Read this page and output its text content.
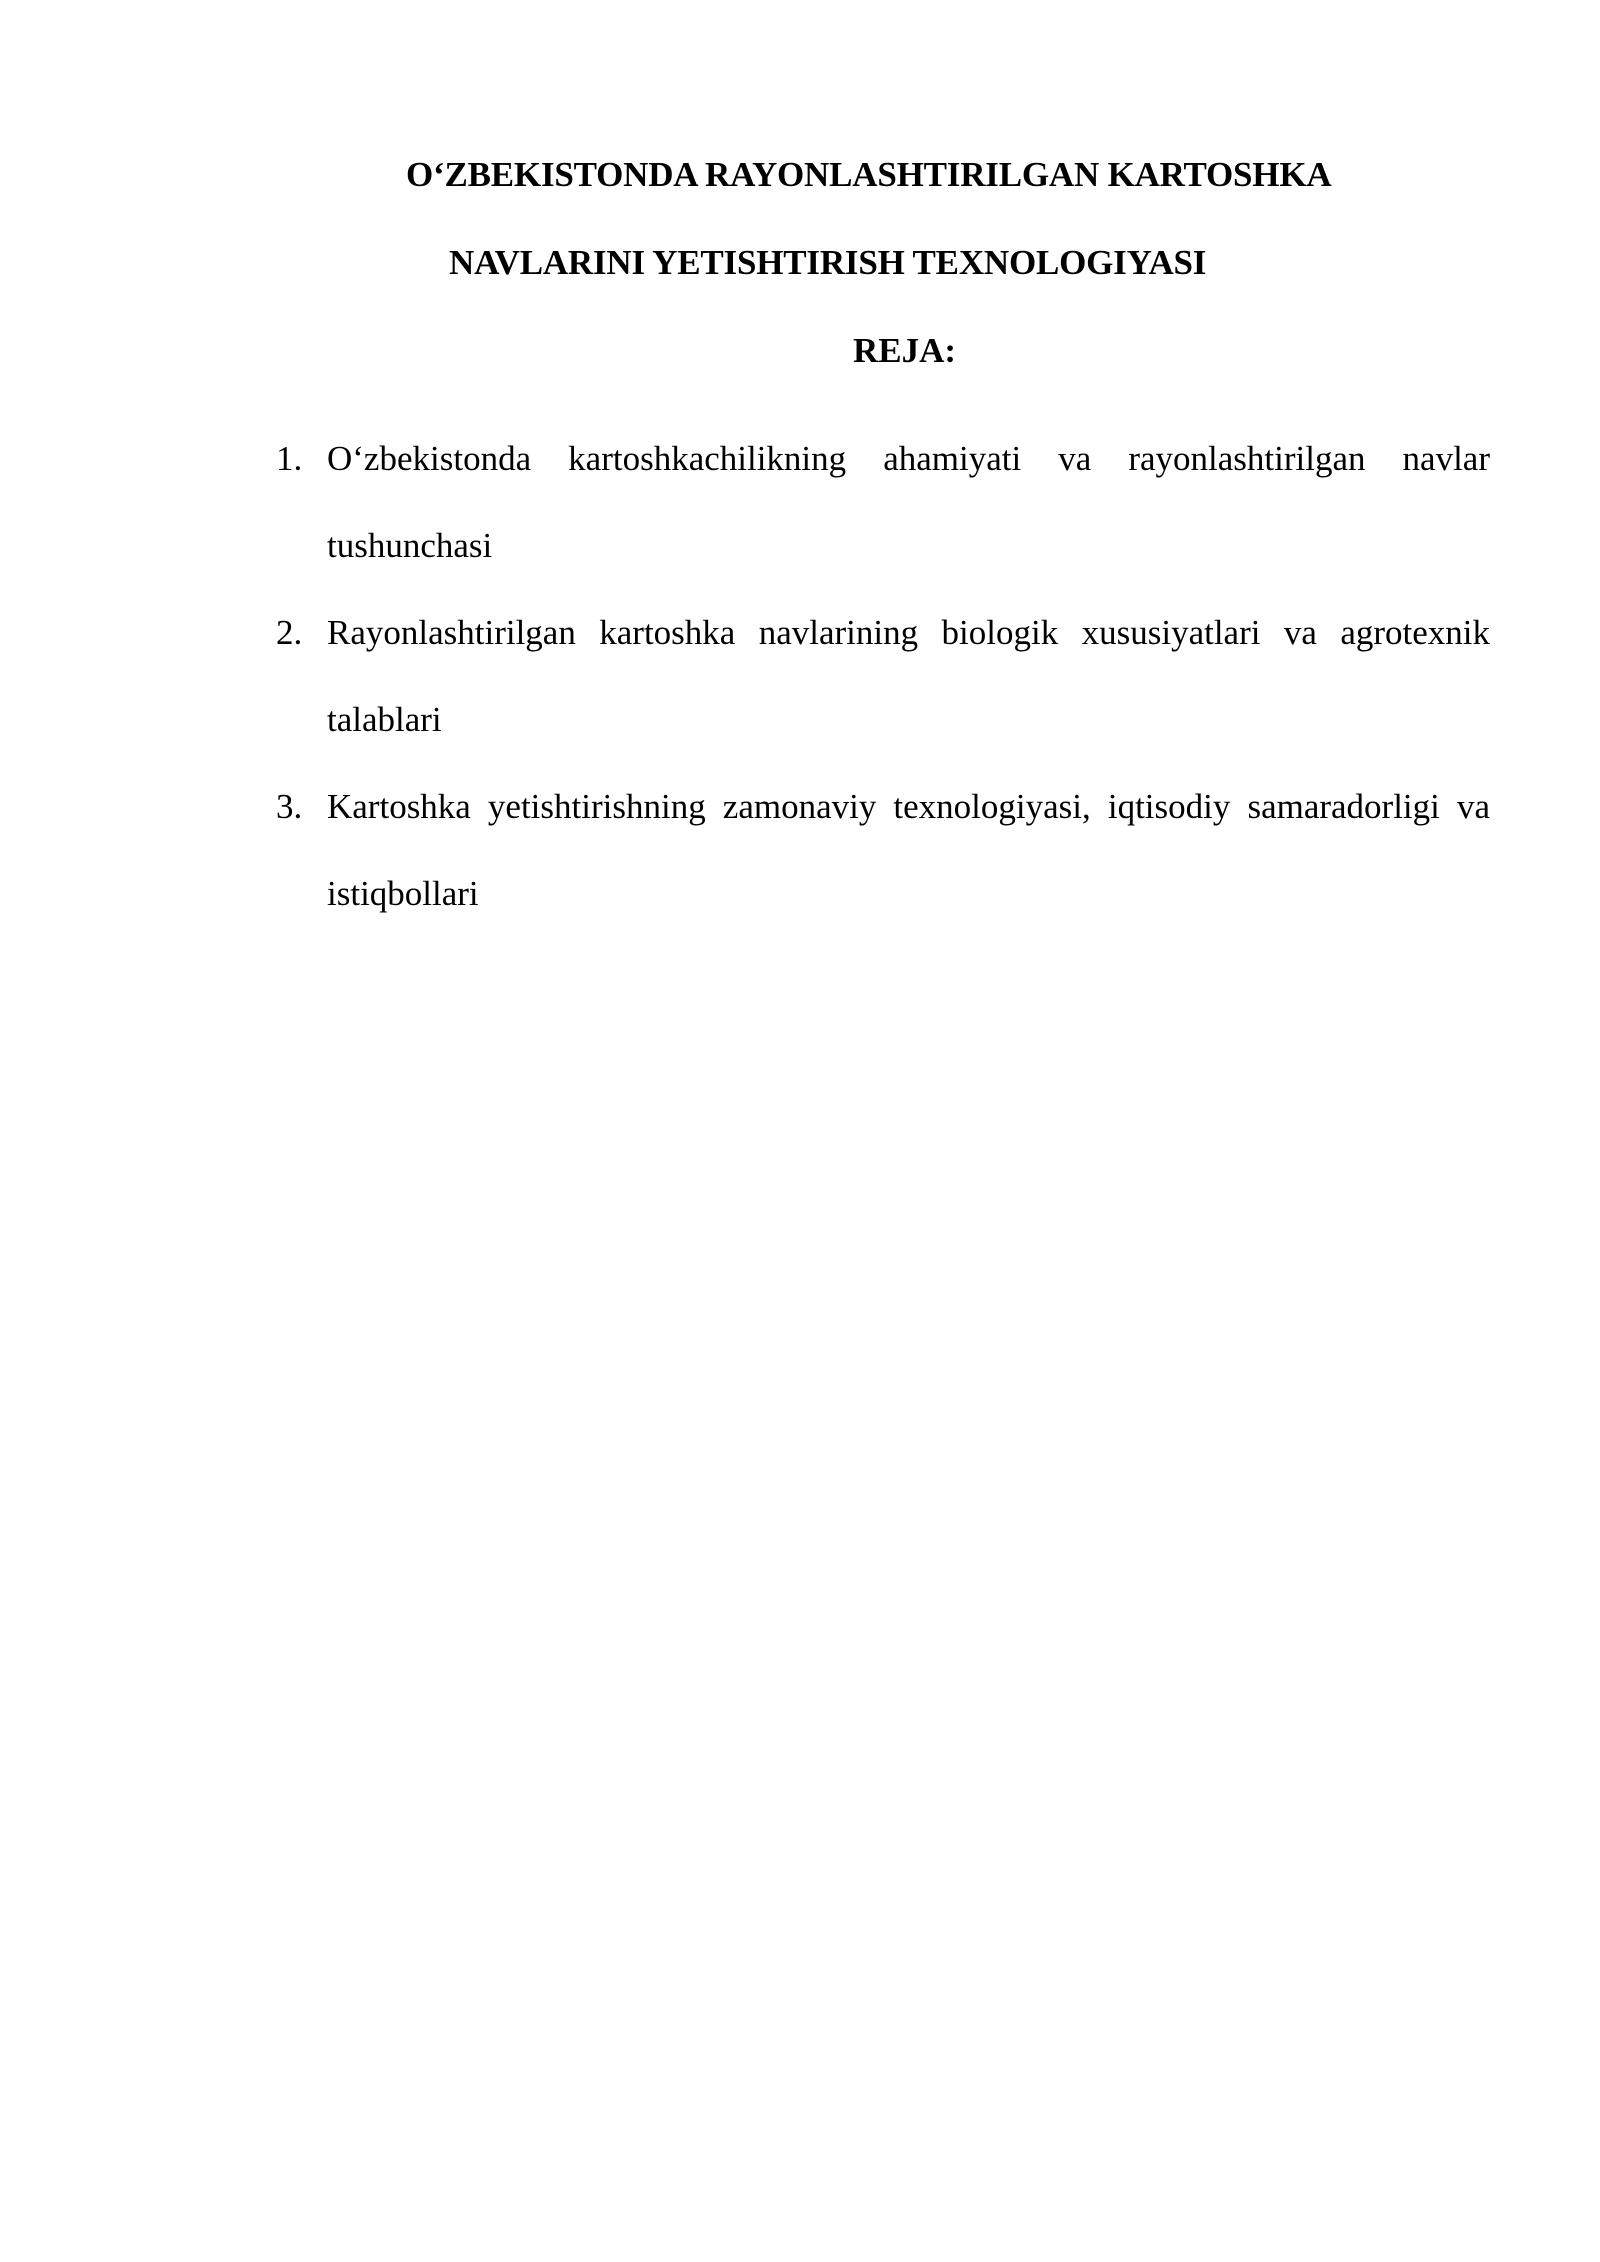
O‘ZBEKISTONDA RAYONLASHTIRILGAN KARTOSHKA
NAVLARINI YETISHTIRISH TEXNOLOGIYASI
REJA:
1. O‘zbekistonda kartoshkachilikning ahamiyati va rayonlashtirilgan navlar tushunchasi
2. Rayonlashtirilgan kartoshka navlarining biologik xususiyatlari va agrotexnik talablari
3. Kartoshka yetishtirishning zamonaviy texnologiyasi, iqtisodiy samaradorligi va istiqbollari
